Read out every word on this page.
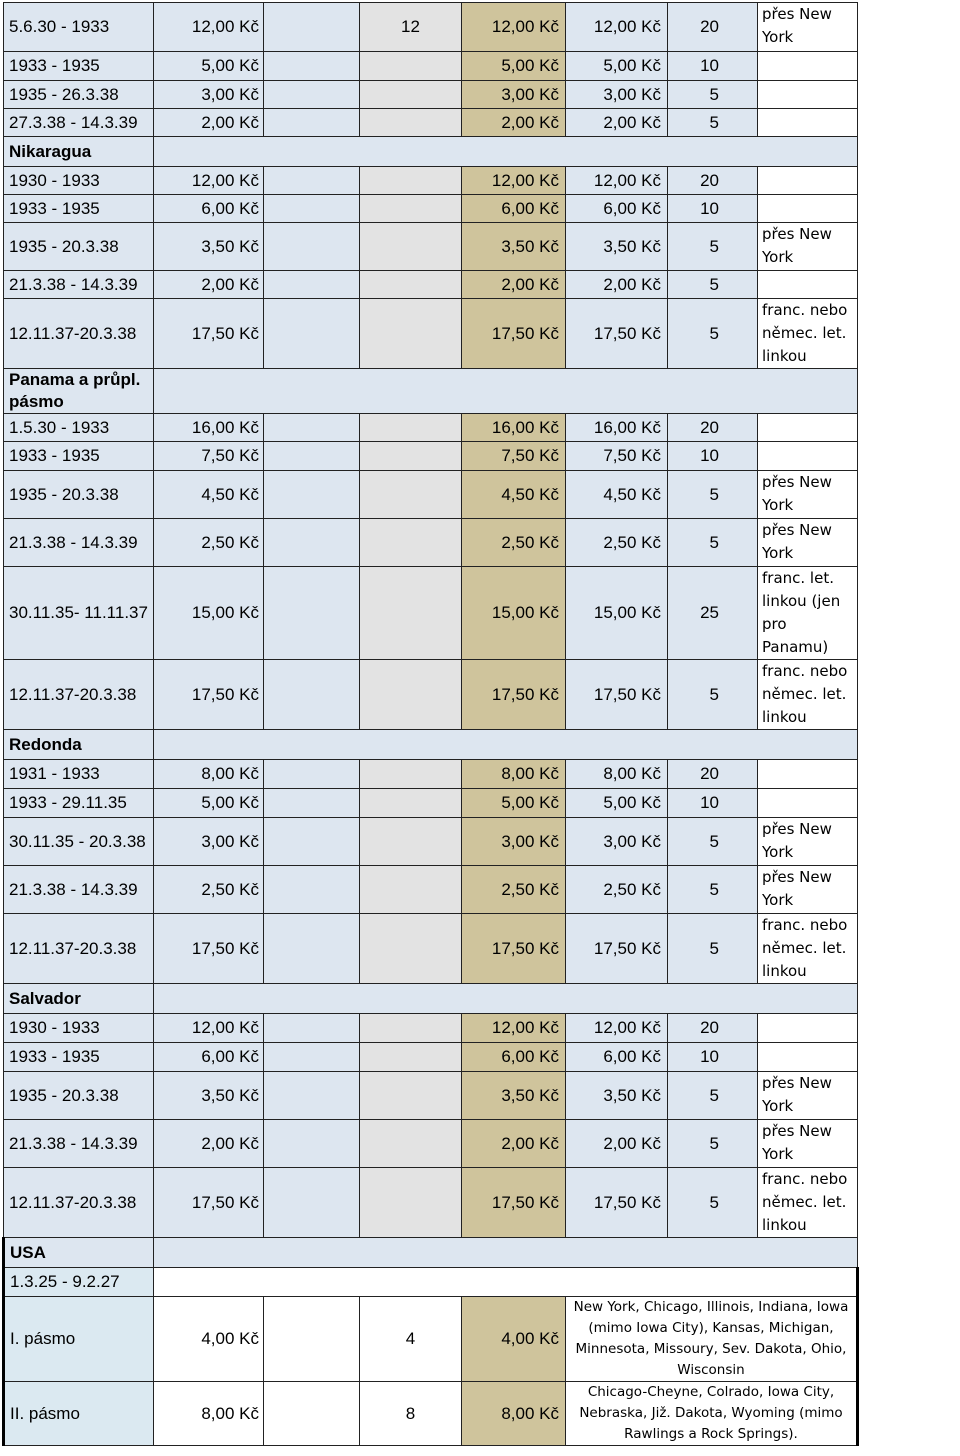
5.6.30 - 1933	12,00 Kč		12	12,00 Kč	12,00 Kč	20	přes New York
1933 - 1935	5,00 Kč			5,00 Kč	5,00 Kč	10	
1935 - 26.3.38	3,00 Kč			3,00 Kč	3,00 Kč	5	
27.3.38 - 14.3.39	2,00 Kč			2,00 Kč	2,00 Kč	5	
Nikaragua							
1930 - 1933	12,00 Kč			12,00 Kč	12,00 Kč	20	
1933 - 1935	6,00 Kč			6,00 Kč	6,00 Kč	10	
1935 - 20.3.38	3,50 Kč			3,50 Kč	3,50 Kč	5	přes New York
21.3.38 - 14.3.39	2,00 Kč			2,00 Kč	2,00 Kč	5	
12.11.37-20.3.38	17,50 Kč			17,50 Kč	17,50 Kč	5	franc. nebo němec. let. linkou
Panama a průpl. pásmo							
1.5.30 - 1933	16,00 Kč			16,00 Kč	16,00 Kč	20	
1933 - 1935	7,50 Kč			7,50 Kč	7,50 Kč	10	
1935 - 20.3.38	4,50 Kč			4,50 Kč	4,50 Kč	5	přes New York
21.3.38 - 14.3.39	2,50 Kč			2,50 Kč	2,50 Kč	5	přes New York
30.11.35- 11.11.37	15,00 Kč			15,00 Kč	15,00 Kč	25	franc. let. linkou (jen pro Panamu)
12.11.37-20.3.38	17,50 Kč			17,50 Kč	17,50 Kč	5	franc. nebo němec. let. linkou
Redonda							
1931 - 1933	8,00 Kč			8,00 Kč	8,00 Kč	20	
1933 - 29.11.35	5,00 Kč			5,00 Kč	5,00 Kč	10	
30.11.35 - 20.3.38	3,00 Kč			3,00 Kč	3,00 Kč	5	přes New York
21.3.38 - 14.3.39	2,50 Kč			2,50 Kč	2,50 Kč	5	přes New York
12.11.37-20.3.38	17,50 Kč			17,50 Kč	17,50 Kč	5	franc. nebo němec. let. linkou
Salvador							
1930 - 1933	12,00 Kč			12,00 Kč	12,00 Kč	20	
1933 - 1935	6,00 Kč			6,00 Kč	6,00 Kč	10	
1935 - 20.3.38	3,50 Kč			3,50 Kč	3,50 Kč	5	přes New York
21.3.38 - 14.3.39	2,00 Kč			2,00 Kč	2,00 Kč	5	přes New York
12.11.37-20.3.38	17,50 Kč			17,50 Kč	17,50 Kč	5	franc. nebo němec. let. linkou
USA							
1.3.25 - 9.2.27							
I. pásmo	4,00 Kč		4	4,00 Kč	New York, Chicago, Illinois, Indiana, Iowa (mimo Iowa City), Kansas, Michigan, Minnesota, Missoury, Sev. Dakota, Ohio, Wisconsin		
II. pásmo	8,00 Kč		8	8,00 Kč	Chicago-Cheyne, Colrado, Iowa City, Nebraska, Již. Dakota, Wyoming (mimo Rawlings a Rock Springs).		
